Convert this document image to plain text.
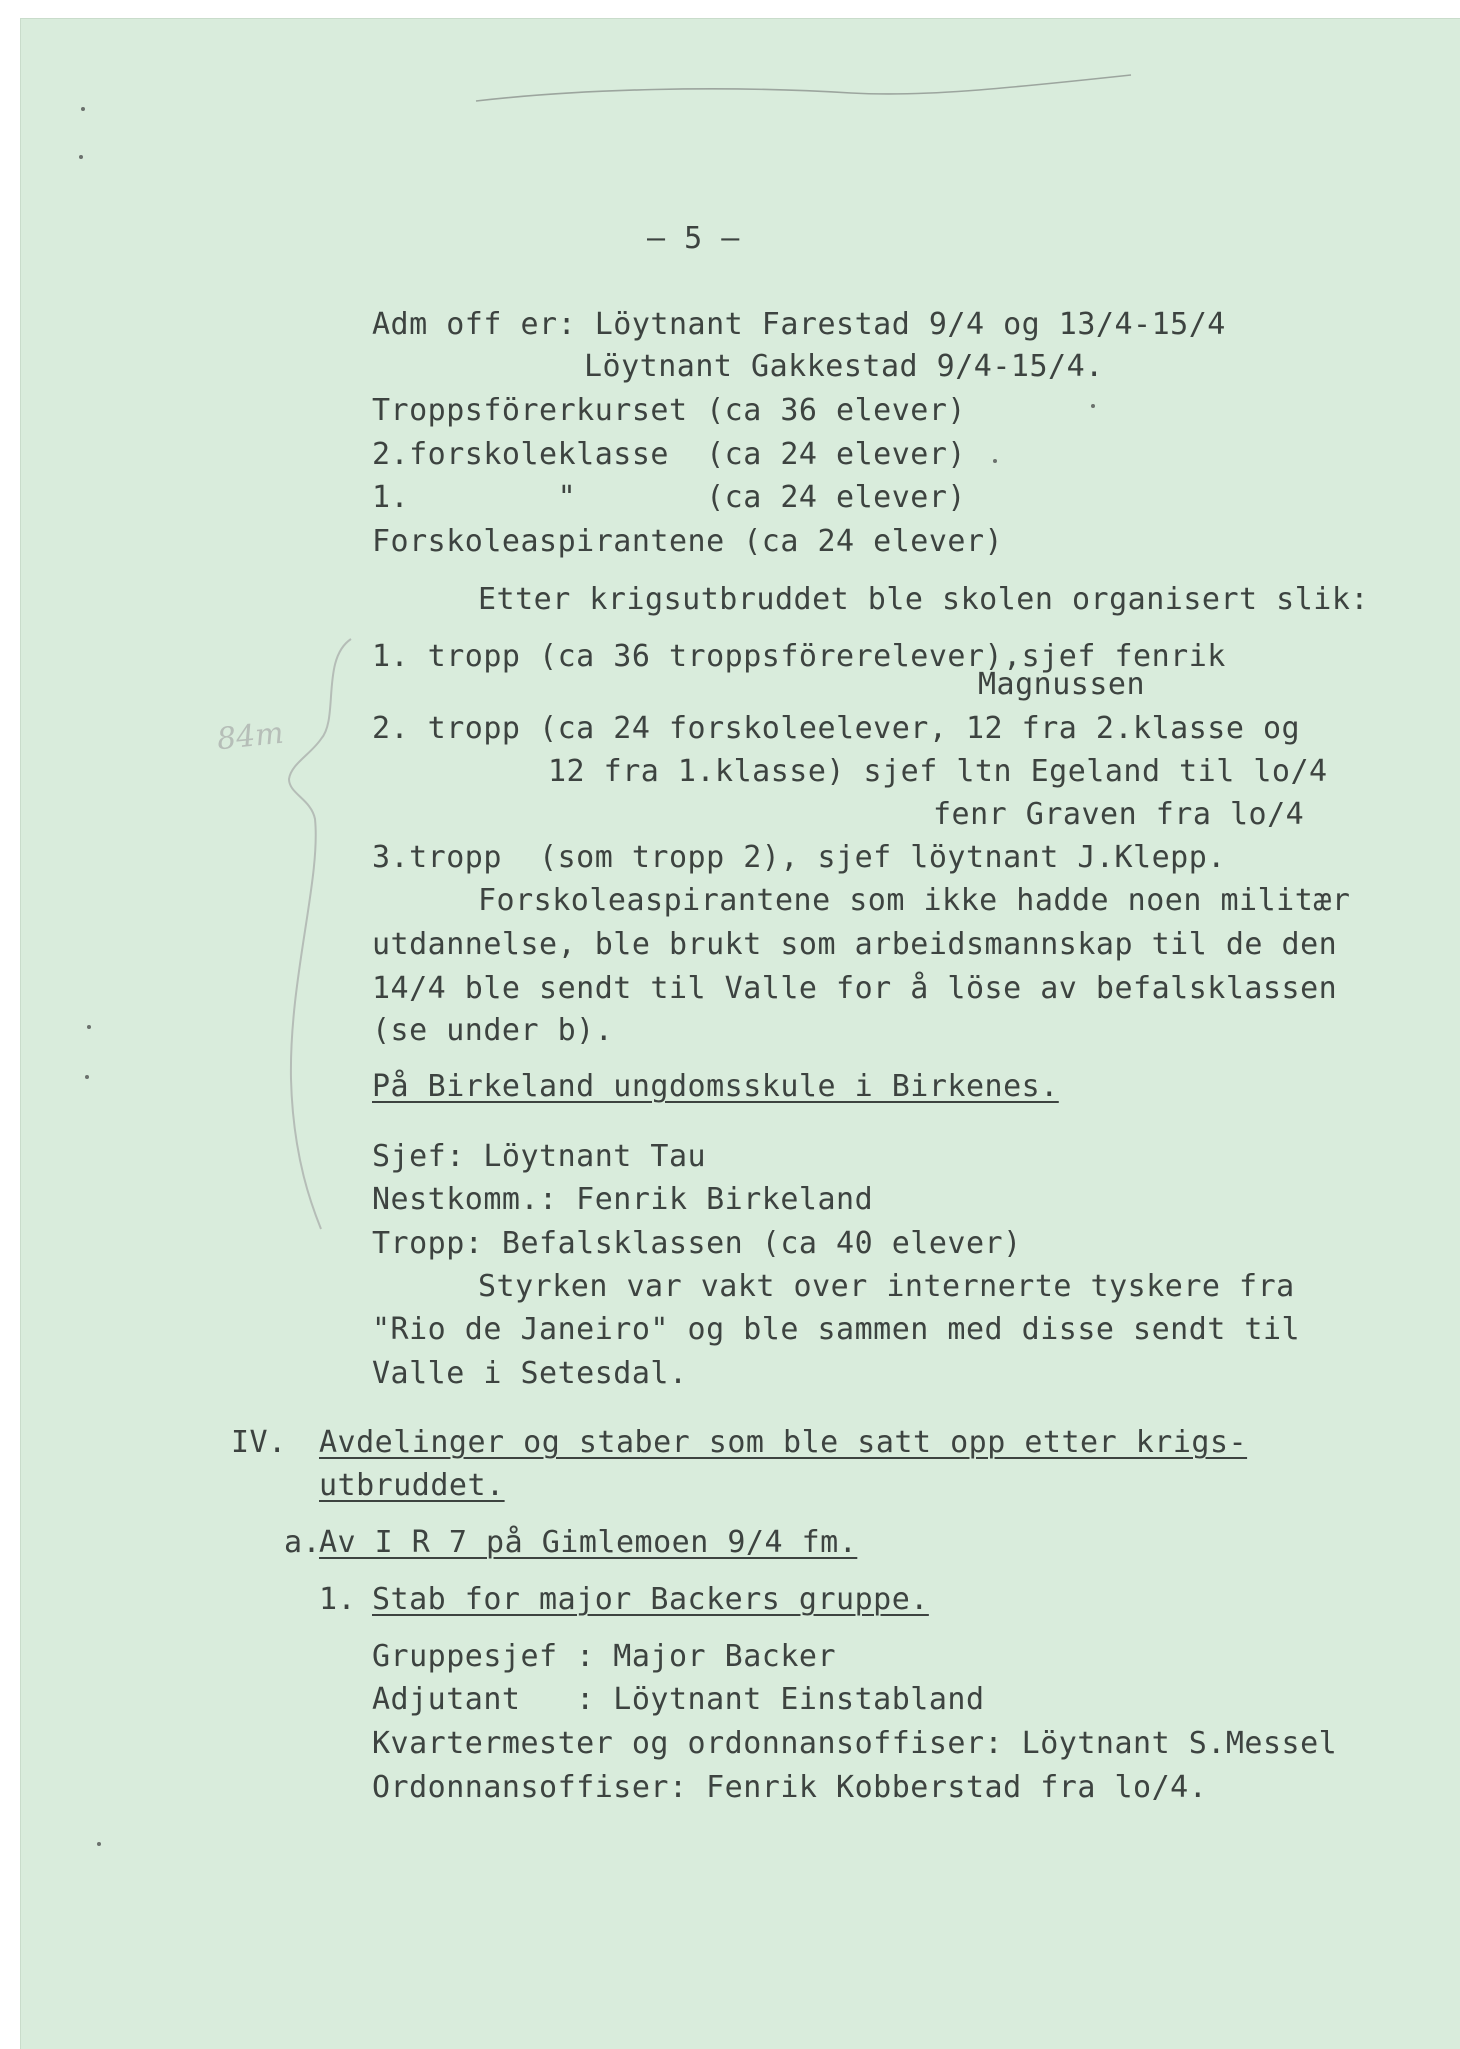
84m
– 5 –
Adm off er: Löytnant Farestad 9/4 og 13/4-15/4
Löytnant Gakkestad 9/4-15/4.
Troppsförerkurset (ca 36 elever)
2.forskoleklasse  (ca 24 elever)
1.        "       (ca 24 elever)
Forskoleaspirantene (ca 24 elever)
Etter krigsutbruddet ble skolen organisert slik:
1. tropp (ca 36 troppsförerelever),sjef fenrik
Magnussen
2. tropp (ca 24 forskoleelever, 12 fra 2.klasse og
12 fra 1.klasse) sjef ltn Egeland til lo/4
fenr Graven fra lo/4
3.tropp  (som tropp 2), sjef löytnant J.Klepp.
Forskoleaspirantene som ikke hadde noen militær
utdannelse, ble brukt som arbeidsmannskap til de den
14/4 ble sendt til Valle for å löse av befalsklassen
(se under b).
På Birkeland ungdomsskule i Birkenes.
Sjef: Löytnant Tau
Nestkomm.: Fenrik Birkeland
Tropp: Befalsklassen (ca 40 elever)
Styrken var vakt over internerte tyskere fra
"Rio de Janeiro" og ble sammen med disse sendt til
Valle i Setesdal.
IV. Avdelinger og staber som ble satt opp etter krigs-
utbruddet.
a.
Av I R 7 på Gimlemoen 9/4 fm.
1. Stab for major Backers gruppe.
Gruppesjef : Major Backer
Adjutant   : Löytnant Einstabland
Kvartermester og ordonnansoffiser: Löytnant S.Messel
Ordonnansoffiser: Fenrik Kobberstad fra lo/4.
